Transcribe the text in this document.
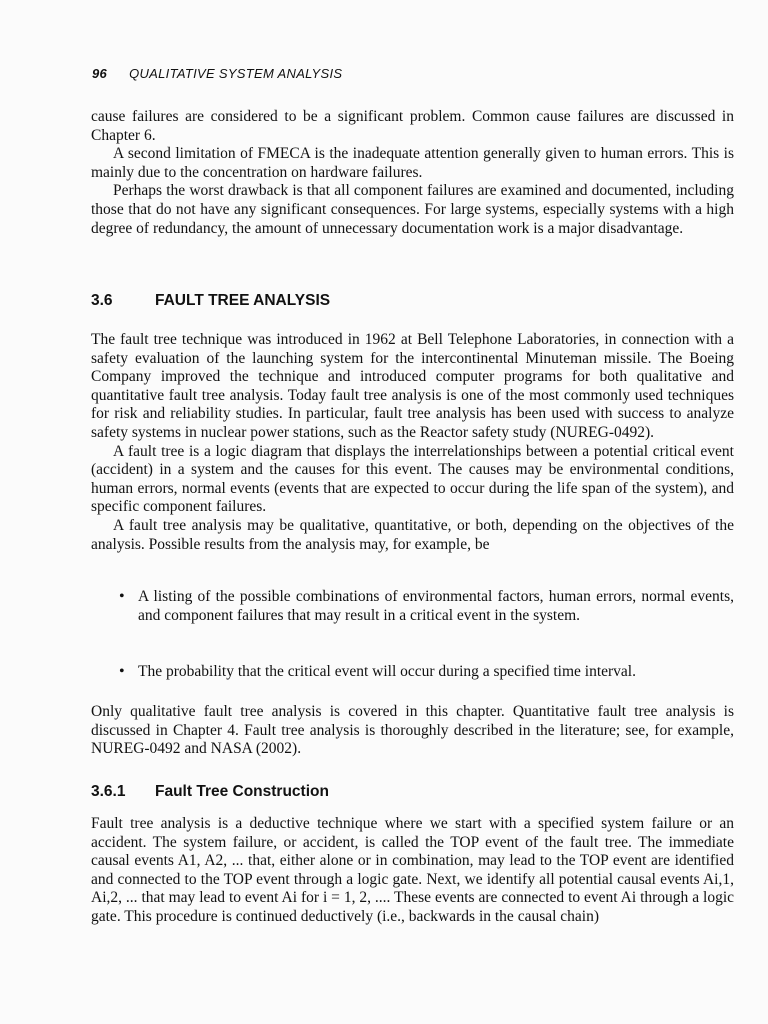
96 QUALITATIVE SYSTEM ANALYSIS

cause failures are considered to be a significant problem. Common cause failures are discussed in Chapter 6.

A second limitation of FMECA is the inadequate attention generally given to human errors. This is mainly due to the concentration on hardware failures.

Perhaps the worst drawback is that all component failures are examined and documented, including those that do not have any significant consequences. For large systems, especially systems with a high degree of redundancy, the amount of unnecessary documentation work is a major disadvantage.

3.6	FAULT TREE ANALYSIS

The fault tree technique was introduced in 1962 at Bell Telephone Laboratories, in connection with a safety evaluation of the launching system for the intercontinental Minuteman missile. The Boeing Company improved the technique and introduced computer programs for both qualitative and quantitative fault tree analysis. Today fault tree analysis is one of the most commonly used techniques for risk and reliability studies. In particular, fault tree analysis has been used with success to analyze safety systems in nuclear power stations, such as the Reactor safety study (NUREG-0492).

A fault tree is a logic diagram that displays the interrelationships between a potential critical event (accident) in a system and the causes for this event. The causes may be environmental conditions, human errors, normal events (events that are expected to occur during the life span of the system), and specific component failures.

A fault tree analysis may be qualitative, quantitative, or both, depending on the objectives of the analysis. Possible results from the analysis may, for example, be

• A listing of the possible combinations of environmental factors, human errors, normal events, and component failures that may result in a critical event in the system.
• The probability that the critical event will occur during a specified time interval.

Only qualitative fault tree analysis is covered in this chapter. Quantitative fault tree analysis is discussed in Chapter 4. Fault tree analysis is thoroughly described in the literature; see, for example, NUREG-0492 and NASA (2002).

3.6.1 Fault Tree Construction

Fault tree analysis is a deductive technique where we start with a specified system failure or an accident. The system failure, or accident, is called the TOP event of the fault tree. The immediate causal events A1, A2, ... that, either alone or in combination, may lead to the TOP event are identified and connected to the TOP event through a logic gate. Next, we identify all potential causal events Ai,1, Ai,2, ... that may lead to event Ai for i = 1, 2, .... These events are connected to event Ai through a logic gate. This procedure is continued deductively (i.e., backwards in the causal chain)
